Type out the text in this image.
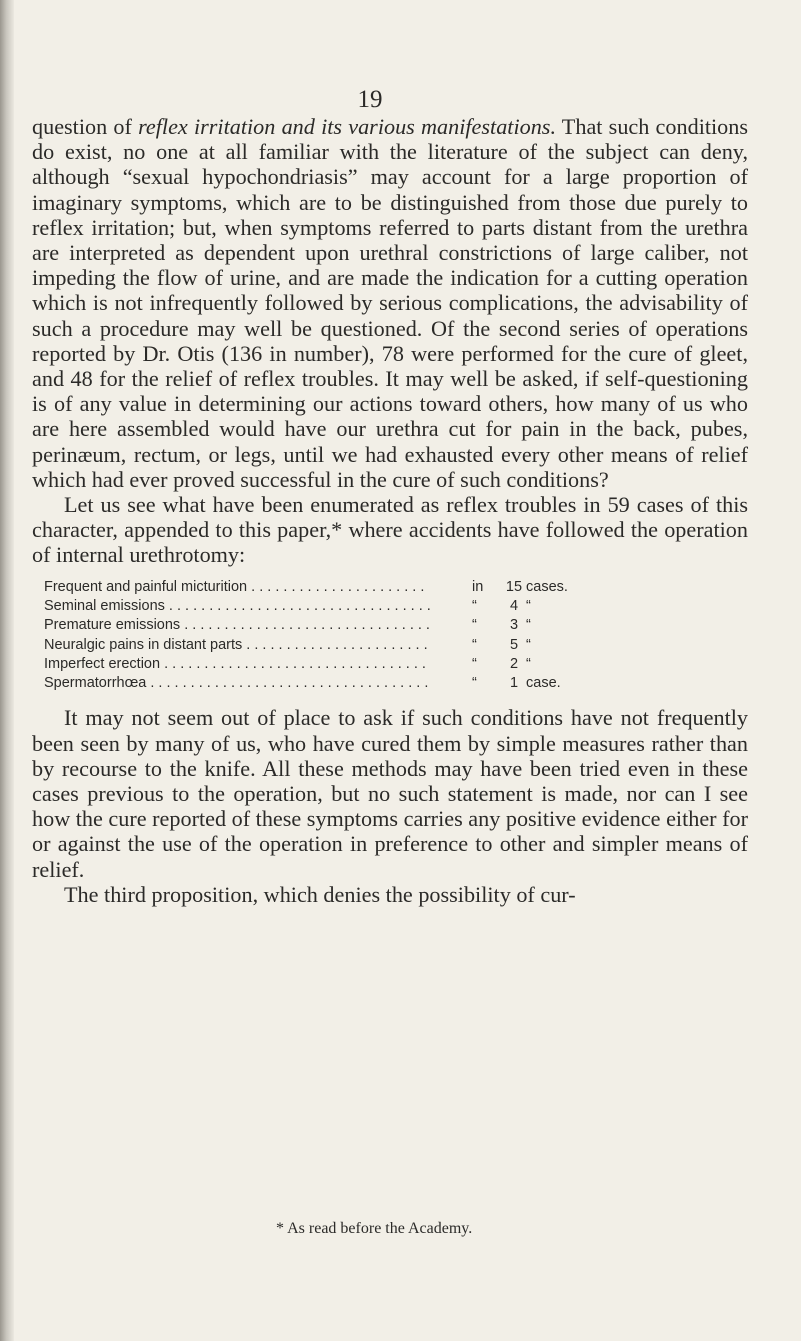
19

question of reflex irritation and its various manifestations. That such conditions do exist, no one at all familiar with the literature of the subject can deny, although “sexual hypochondriasis” may account for a large proportion of imaginary symptoms, which are to be distinguished from those due purely to reflex irritation; but, when symptoms referred to parts distant from the urethra are interpreted as dependent upon urethral constrictions of large caliber, not impeding the flow of urine, and are made the indication for a cutting operation which is not infrequently followed by serious complications, the advisability of such a procedure may well be questioned. Of the second series of operations reported by Dr. Otis (136 in number), 78 were performed for the cure of gleet, and 48 for the relief of reflex troubles. It may well be asked, if self-questioning is of any value in determining our actions toward others, how many of us who are here assembled would have our urethra cut for pain in the back, pubes, perinæum, rectum, or legs, until we had exhausted every other means of relief which had ever proved successful in the cure of such conditions?

Let us see what have been enumerated as reflex troubles in 59 cases of this character, appended to this paper,* where accidents have followed the operation of internal urethrotomy:

Frequent and painful micturition . . . . . . . . . . . . . . . . . . . . . .	in	15 cases.
Seminal emissions . . . . . . . . . . . . . . . . . . . . . . . . . . . . . . . . .	“	4 “
Premature emissions . . . . . . . . . . . . . . . . . . . . . . . . . . . . . . .	“	3 “
Neuralgic pains in distant parts . . . . . . . . . . . . . . . . . . . . . . .	“	5 “
Imperfect erection . . . . . . . . . . . . . . . . . . . . . . . . . . . . . . . . .	“	2 “
Spermatorrhœa . . . . . . . . . . . . . . . . . . . . . . . . . . . . . . . . . . .	“	1 case.

It may not seem out of place to ask if such conditions have not frequently been seen by many of us, who have cured them by simple measures rather than by recourse to the knife. All these methods may have been tried even in these cases previous to the operation, but no such statement is made, nor can I see how the cure reported of these symptoms carries any positive evidence either for or against the use of the operation in preference to other and simpler means of relief.

The third proposition, which denies the possibility of cur-

* As read before the Academy.
